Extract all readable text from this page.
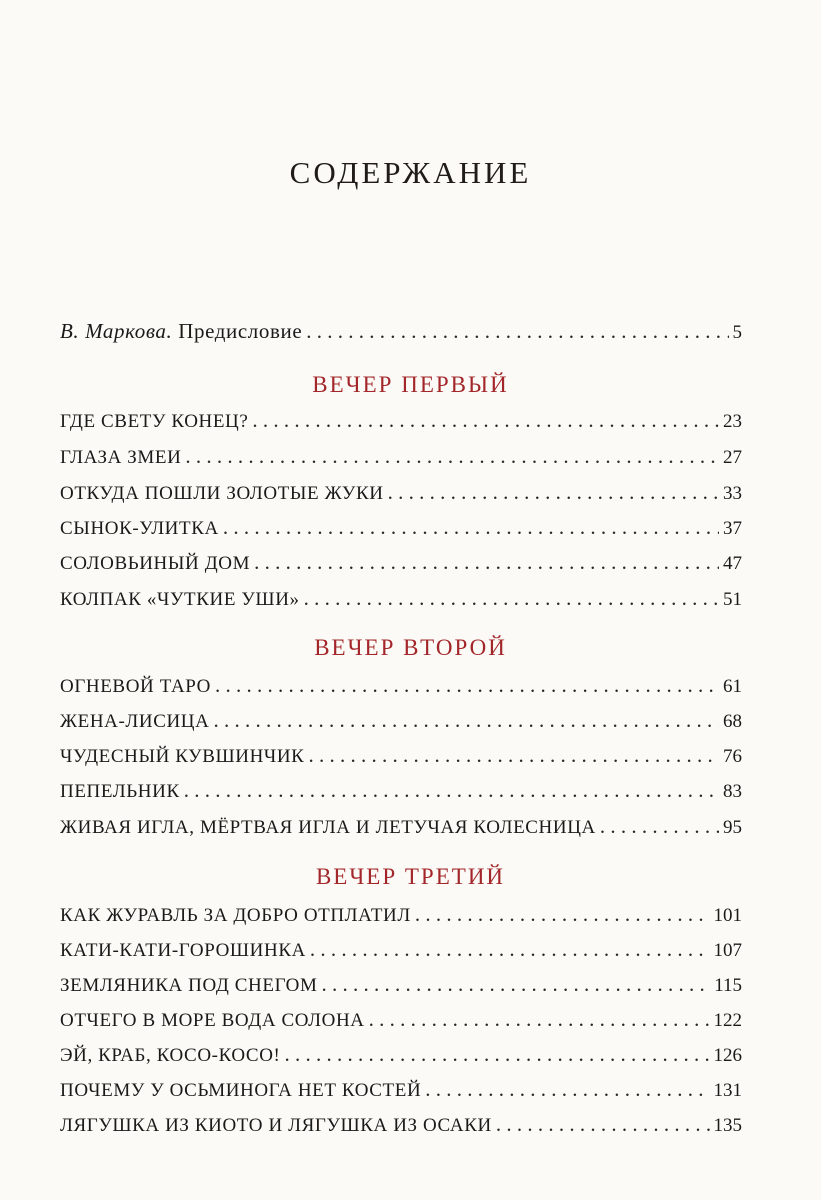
СОДЕРЖАНИЕ
В. Маркова. Предисловие . . .	5
ГДЕ СВЕТУ КОНЕЦ? . . .	23
ГЛАЗА ЗМЕИ . . .	27
ОТКУДА ПОШЛИ ЗОЛОТЫЕ ЖУКИ . . .	33
СЫНОК-УЛИТКА . . .	37
СОЛОВЬИНЫЙ ДОМ . . .	47
КОЛПАК «ЧУТКИЕ УШИ» . . .	51
ОГНЕВОЙ ТАРО . . .	61
ЖЕНА-ЛИСИЦА . . .	68
ЧУДЕСНЫЙ КУВШИНЧИК . . .	76
ПЕПЕЛЬНИК . . .	83
ЖИВАЯ ИГЛА, МЁРТВАЯ ИГЛА И ЛЕТУЧАЯ КОЛЕСНИЦА . . .	95
КАК ЖУРАВЛЬ ЗА ДОБРО ОТПЛАТИЛ . . .	101
КАТИ-КАТИ-ГОРОШИНКА . . .	107
ЗЕМЛЯНИКА ПОД СНЕГОМ . . .	115
ОТЧЕГО В МОРЕ ВОДА СОЛОНА . . .	122
ЭЙ, КРАБ, КОСО-КОСО! . . .	126
ПОЧЕМУ У ОСЬМИНОГА НЕТ КОСТЕЙ . . .	131
ЛЯГУШКА ИЗ КИОТО И ЛЯГУШКА ИЗ ОСАКИ . . .	135
ВЕЧЕР ПЕРВЫЙ
ВЕЧЕР ВТОРОЙ
ВЕЧЕР ТРЕТИЙ
